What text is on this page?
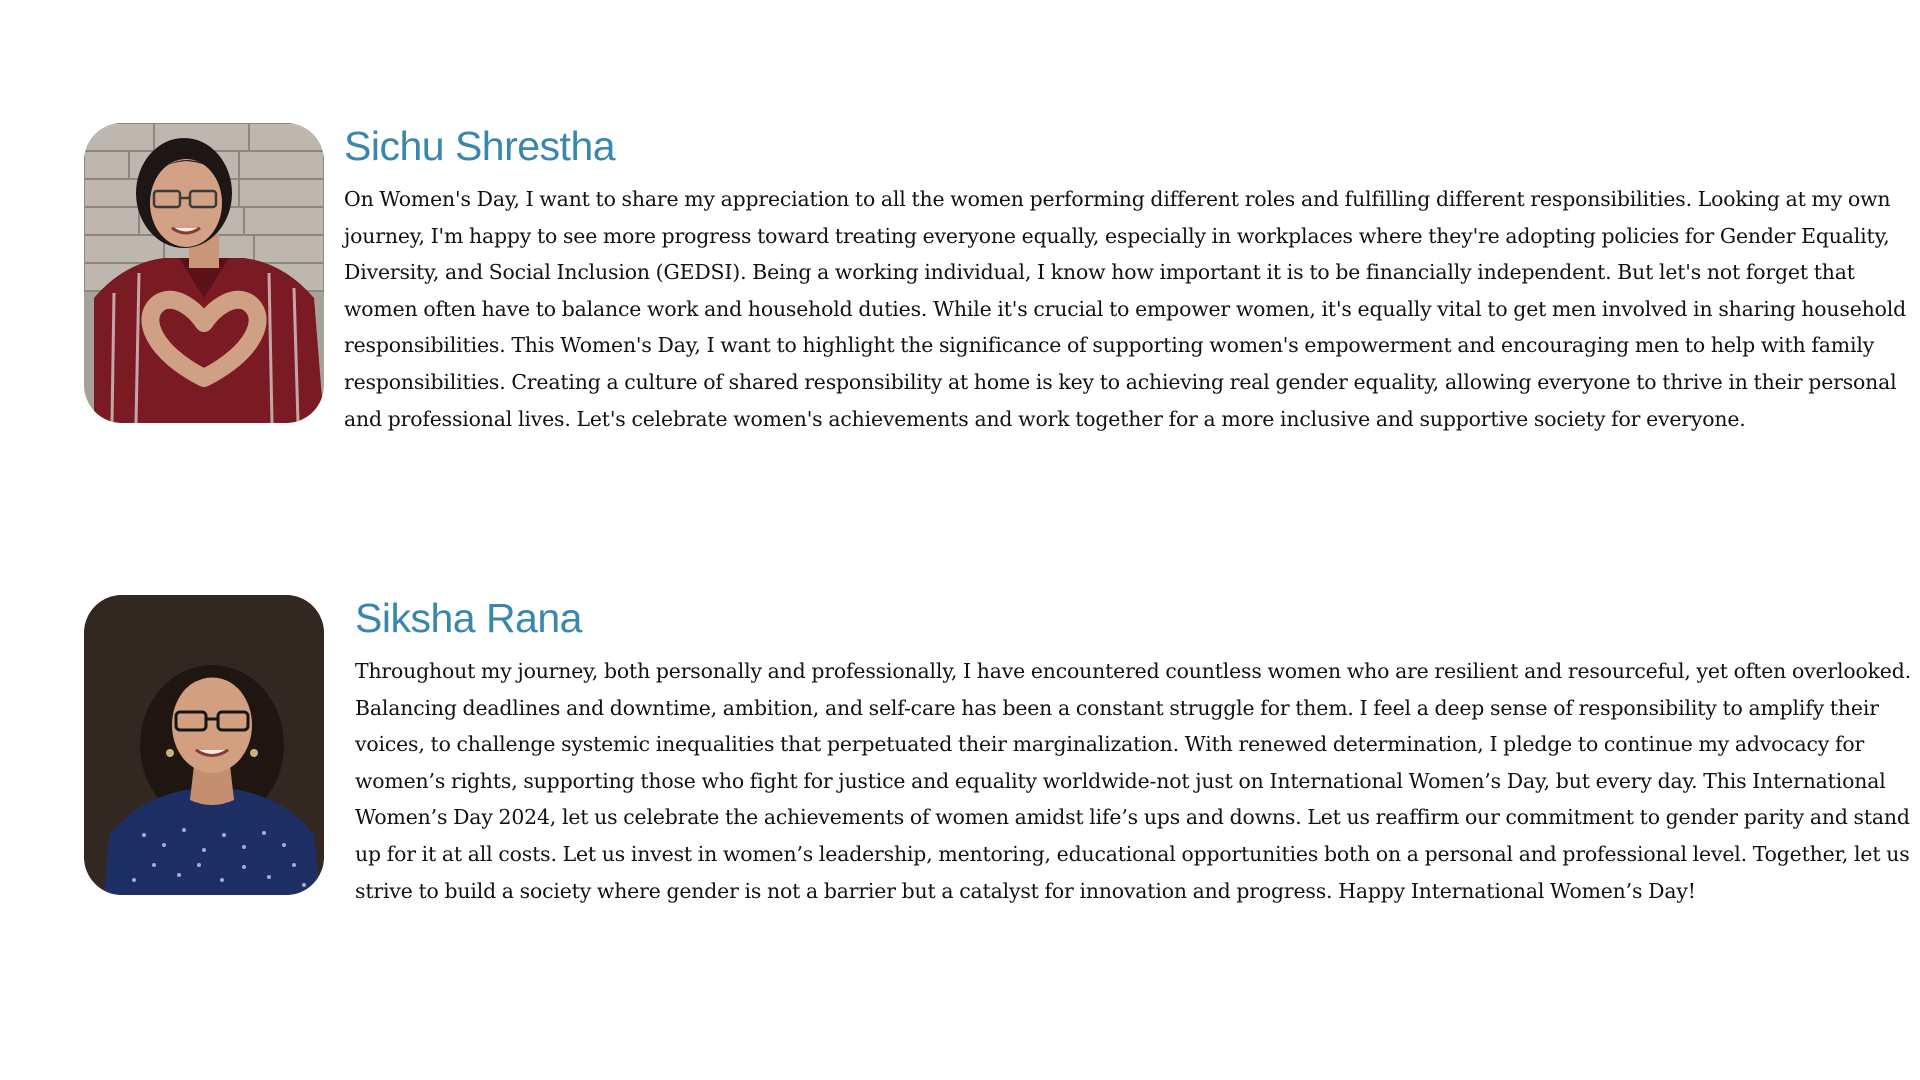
Sichu Shrestha

On Women's Day, I want to share my appreciation to all the women performing different roles and fulfilling different responsibilities. Looking at my own journey, I'm happy to see more progress toward treating everyone equally, especially in workplaces where they're adopting policies for Gender Equality, Diversity, and Social Inclusion (GEDSI). Being a working individual, I know how important it is to be financially independent. But let's not forget that women often have to balance work and household duties. While it's crucial to empower women, it's equally vital to get men involved in sharing household responsibilities. This Women's Day, I want to highlight the significance of supporting women's empowerment and encouraging men to help with family responsibilities. Creating a culture of shared responsibility at home is key to achieving real gender equality, allowing everyone to thrive in their personal and professional lives. Let's celebrate women's achievements and work together for a more inclusive and supportive society for everyone.

Siksha Rana

Throughout my journey, both personally and professionally, I have encountered countless women who are resilient and resourceful, yet often overlooked. Balancing deadlines and downtime, ambition, and self-care has been a constant struggle for them. I feel a deep sense of responsibility to amplify their voices, to challenge systemic inequalities that perpetuated their marginalization. With renewed determination, I pledge to continue my advocacy for women’s rights, supporting those who fight for justice and equality worldwide-not just on International Women’s Day, but every day. This International Women’s Day 2024, let us celebrate the achievements of women amidst life’s ups and downs. Let us reaffirm our commitment to gender parity and stand up for it at all costs. Let us invest in women’s leadership, mentoring, educational opportunities both on a personal and professional level. Together, let us strive to build a society where gender is not a barrier but a catalyst for innovation and progress. Happy International Women’s Day!
